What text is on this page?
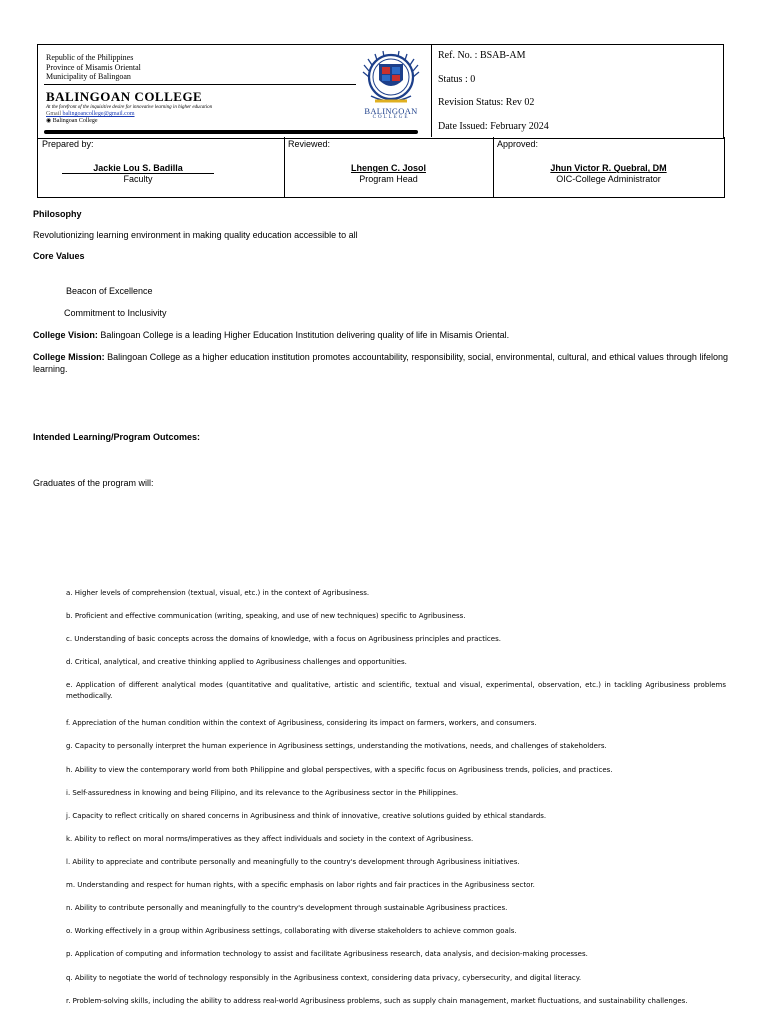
Republic of the Philippines
Province of Misamis Oriental
Municipality of Balingoan
BALINGOAN COLLEGE
At the forefront of the inquisitive desire for innovative learning in higher education
Gmail balingoancollege@gmail.com
◉ Balingoan College
BALINGOAN
COLLEGE
Ref. No. : BSAB-AM
Status : 0
Revision Status: Rev 02
Date Issued: February 2024
Prepared by:
Jackie Lou S. Badilla
Faculty
Reviewed:
Lhengen C. Josol
Program Head
Approved:
Jhun Victor R. Quebral, DM
OIC-College Administrator
Philosophy
Revolutionizing learning environment in making quality education accessible to all
Core Values
Beacon of Excellence
Commitment to Inclusivity
College Vision: Balingoan College is a leading Higher Education Institution delivering quality of life in Misamis Oriental.
College Mission: Balingoan College as a higher education institution promotes accountability, responsibility, social, environmental, cultural, and ethical values through lifelong learning.
Intended Learning/Program Outcomes:
Graduates of the program will:
a. Higher levels of comprehension (textual, visual, etc.) in the context of Agribusiness.
b. Proficient and effective communication (writing, speaking, and use of new techniques) specific to Agribusiness.
c. Understanding of basic concepts across the domains of knowledge, with a focus on Agribusiness principles and practices.
d. Critical, analytical, and creative thinking applied to Agribusiness challenges and opportunities.
e. Application of different analytical modes (quantitative and qualitative, artistic and scientific, textual and visual, experimental, observation, etc.) in tackling Agribusiness problems methodically.
f. Appreciation of the human condition within the context of Agribusiness, considering its impact on farmers, workers, and consumers.
g. Capacity to personally interpret the human experience in Agribusiness settings, understanding the motivations, needs, and challenges of stakeholders.
h. Ability to view the contemporary world from both Philippine and global perspectives, with a specific focus on Agribusiness trends, policies, and practices.
i. Self-assuredness in knowing and being Filipino, and its relevance to the Agribusiness sector in the Philippines.
j. Capacity to reflect critically on shared concerns in Agribusiness and think of innovative, creative solutions guided by ethical standards.
k. Ability to reflect on moral norms/imperatives as they affect individuals and society in the context of Agribusiness.
l. Ability to appreciate and contribute personally and meaningfully to the country's development through Agribusiness initiatives.
m. Understanding and respect for human rights, with a specific emphasis on labor rights and fair practices in the Agribusiness sector.
n. Ability to contribute personally and meaningfully to the country's development through sustainable Agribusiness practices.
o. Working effectively in a group within Agribusiness settings, collaborating with diverse stakeholders to achieve common goals.
p. Application of computing and information technology to assist and facilitate Agribusiness research, data analysis, and decision-making processes.
q. Ability to negotiate the world of technology responsibly in the Agribusiness context, considering data privacy, cybersecurity, and digital literacy.
r. Problem-solving skills, including the ability to address real-world Agribusiness problems, such as supply chain management, market fluctuations, and sustainability challenges.
